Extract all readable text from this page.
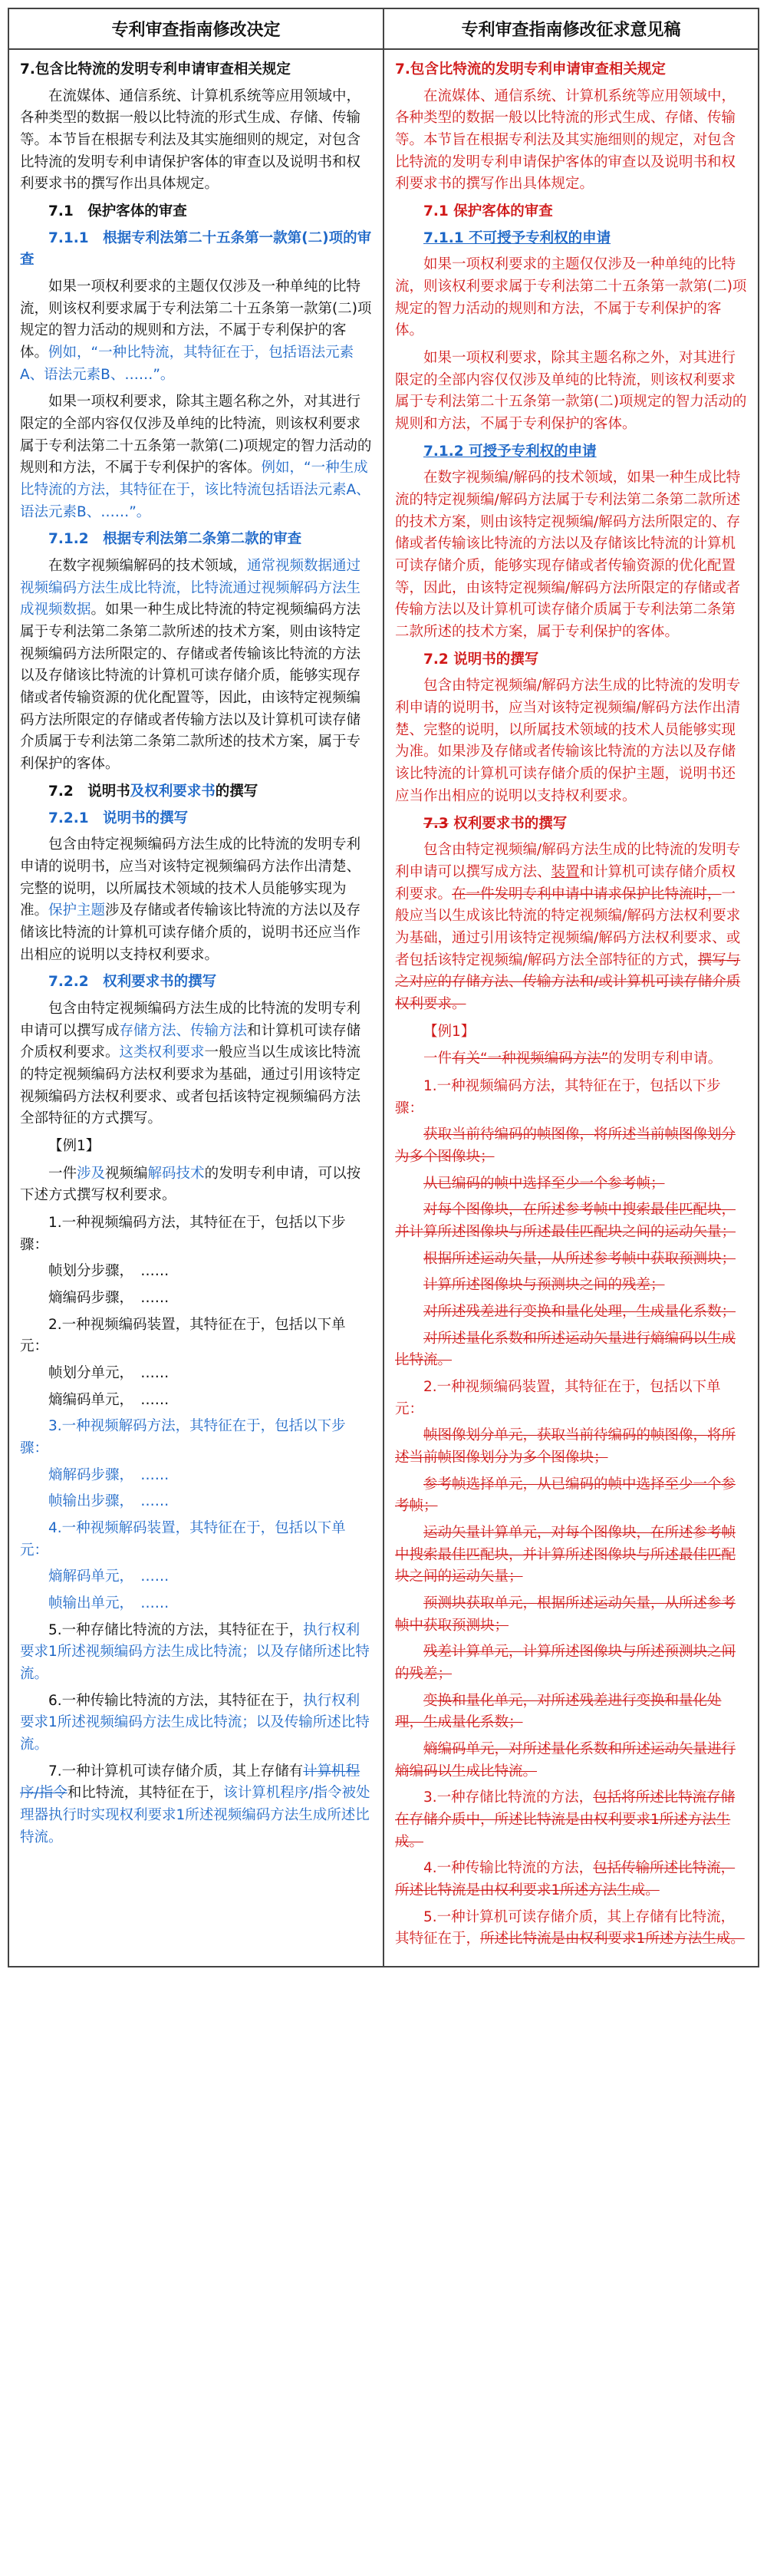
专利审查指南修改决定	专利审查指南修改征求意见稿
7.包含比特流的发明专利申请审查相关规定

在流媒体、通信系统、计算机系统等应用领域中，各种类型的数据一般以比特流的形式生成、存储、传输等。本节旨在根据专利法及其实施细则的规定，对包含比特流的发明专利申请保护客体的审查以及说明书和权利要求书的撰写作出具体规定。

7.1　保护客体的审查
7.1.1　根据专利法第二十五条第一款第(二)项的审查

如果一项权利要求的主题仅仅涉及一种单纯的比特流，则该权利要求属于专利法第二十五条第一款第(二)项规定的智力活动的规则和方法，不属于专利保护的客体。例如，“一种比特流，其特征在于，包括语法元素A、语法元素B、……”。

如果一项权利要求，除其主题名称之外，对其进行限定的全部内容仅仅涉及单纯的比特流，则该权利要求属于专利法第二十五条第一款第(二)项规定的智力活动的规则和方法，不属于专利保护的客体。例如，“一种生成比特流的方法，其特征在于，该比特流包括语法元素A、语法元素B、……”。

7.1.2　根据专利法第二条第二款的审查

在数字视频编解码的技术领域，通常视频数据通过视频编码方法生成比特流，比特流通过视频解码方法生成视频数据。如果一种生成比特流的特定视频编码方法属于专利法第二条第二款所述的技术方案，则由该特定视频编码方法所限定的、存储或者传输该比特流的方法以及存储该比特流的计算机可读存储介质，能够实现存储或者传输资源的优化配置等，因此，由该特定视频编码方法所限定的存储或者传输方法以及计算机可读存储介质属于专利法第二条第二款所述的技术方案，属于专利保护的客体。

7.2　说明书及权利要求书的撰写
7.2.1　说明书的撰写

包含由特定视频编码方法生成的比特流的发明专利申请的说明书，应当对该特定视频编码方法作出清楚、完整的说明，以所属技术领域的技术人员能够实现为准。保护主题涉及存储或者传输该比特流的方法以及存储该比特流的计算机可读存储介质的，说明书还应当作出相应的说明以支持权利要求。

7.2.2　权利要求书的撰写

包含由特定视频编码方法生成的比特流的发明专利申请可以撰写成存储方法、传输方法和计算机可读存储介质权利要求。这类权利要求一般应当以生成该比特流的特定视频编码方法权利要求为基础，通过引用该特定视频编码方法权利要求、或者包括该特定视频编码方法全部特征的方式撰写。

【例1】

一件涉及视频编解码技术的发明专利申请，可以按下述方式撰写权利要求。

1.一种视频编码方法，其特征在于，包括以下步骤：

帧划分步骤，　……

熵编码步骤，　……

2.一种视频编码装置，其特征在于，包括以下单元：

帧划分单元，　……

熵编码单元，　……

3.一种视频解码方法，其特征在于，包括以下步骤：

熵解码步骤，　……

帧输出步骤，　……

4.一种视频解码装置，其特征在于，包括以下单元：

熵解码单元，　……

帧输出单元，　……

5.一种存储比特流的方法，其特征在于，执行权利要求1所述视频编码方法生成比特流；以及存储所述比特流。

6.一种传输比特流的方法，其特征在于，执行权利要求1所述视频编码方法生成比特流；以及传输所述比特流。

7.一种计算机可读存储介质，其上存储有计算机程序/指令和比特流，其特征在于，该计算机程序/指令被处理器执行时实现权利要求1所述视频编码方法生成所述比特流。

7.包含比特流的发明专利申请审查相关规定

在流媒体、通信系统、计算机系统等应用领域中，各种类型的数据一般以比特流的形式生成、存储、传输等。本节旨在根据专利法及其实施细则的规定，对包含比特流的发明专利申请保护客体的审查以及说明书和权利要求书的撰写作出具体规定。

7.1 保护客体的审查
7.1.1 不可授予专利权的申请

如果一项权利要求的主题仅仅涉及一种单纯的比特流，则该权利要求属于专利法第二十五条第一款第(二)项规定的智力活动的规则和方法，不属于专利保护的客体。

如果一项权利要求，除其主题名称之外，对其进行限定的全部内容仅仅涉及单纯的比特流，则该权利要求属于专利法第二十五条第一款第(二)项规定的智力活动的规则和方法，不属于专利保护的客体。

7.1.2 可授予专利权的申请

在数字视频编/解码的技术领域，如果一种生成比特流的特定视频编/解码方法属于专利法第二条第二款所述的技术方案，则由该特定视频编/解码方法所限定的、存储或者传输该比特流的方法以及存储该比特流的计算机可读存储介质，能够实现存储或者传输资源的优化配置等，因此，由该特定视频编/解码方法所限定的存储或者传输方法以及计算机可读存储介质属于专利法第二条第二款所述的技术方案，属于专利保护的客体。

7.2 说明书的撰写

包含由特定视频编/解码方法生成的比特流的发明专利申请的说明书，应当对该特定视频编/解码方法作出清楚、完整的说明，以所属技术领域的技术人员能够实现为准。如果涉及存储或者传输该比特流的方法以及存储该比特流的计算机可读存储介质的保护主题，说明书还应当作出相应的说明以支持权利要求。

7.3 权利要求书的撰写

包含由特定视频编/解码方法生成的比特流的发明专利申请可以撰写成方法、装置和计算机可读存储介质权利要求。在一件发明专利申请中请求保护比特流时，一般应当以生成该比特流的特定视频编/解码方法权利要求为基础，通过引用该特定视频编/解码方法权利要求、或者包括该特定视频编/解码方法全部特征的方式，撰写与之对应的存储方法、传输方法和/或计算机可读存储介质权利要求。

【例1】

一件有关“一种视频编码方法”的发明专利申请。

1.一种视频编码方法，其特征在于，包括以下步骤：

获取当前待编码的帧图像，将所述当前帧图像划分为多个图像块；

从已编码的帧中选择至少一个参考帧；

对每个图像块，在所述参考帧中搜索最佳匹配块，并计算所述图像块与所述最佳匹配块之间的运动矢量；

根据所述运动矢量，从所述参考帧中获取预测块；

计算所述图像块与预测块之间的残差；

对所述残差进行变换和量化处理，生成量化系数；

对所述量化系数和所述运动矢量进行熵编码以生成比特流。

2.一种视频编码装置，其特征在于，包括以下单元：

帧图像划分单元，获取当前待编码的帧图像，将所述当前帧图像划分为多个图像块；

参考帧选择单元，从已编码的帧中选择至少一个参考帧；

运动矢量计算单元，对每个图像块，在所述参考帧中搜索最佳匹配块，并计算所述图像块与所述最佳匹配块之间的运动矢量；

预测块获取单元，根据所述运动矢量，从所述参考帧中获取预测块；

残差计算单元，计算所述图像块与所述预测块之间的残差；

变换和量化单元，对所述残差进行变换和量化处理，生成量化系数；

熵编码单元，对所述量化系数和所述运动矢量进行熵编码以生成比特流。

3.一种存储比特流的方法，包括将所述比特流存储在存储介质中，所述比特流是由权利要求1所述方法生成。

4.一种传输比特流的方法，包括传输所述比特流，所述比特流是由权利要求1所述方法生成。

5.一种计算机可读存储介质，其上存储有比特流，其特征在于，所述比特流是由权利要求1所述方法生成。
